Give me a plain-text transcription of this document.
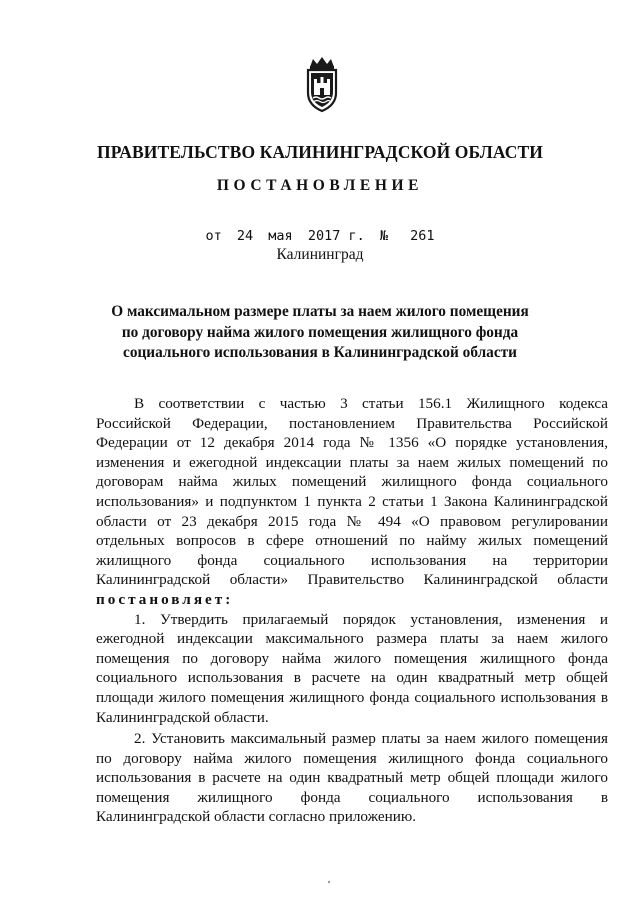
ПРАВИТЕЛЬСТВО КАЛИНИНГРАДСКОЙ ОБЛАСТИ
ПОСТАНОВЛЕНИЕ
от 24 мая 2017 г. № 261
Калининград
О максимальном размере платы за наем жилого помещения
по договору найма жилого помещения жилищного фонда
социального использования в Калининградской области
В соответствии с частью 3 статьи 156.1 Жилищного кодекса
Российской Федерации, постановлением Правительства Российской
Федерации от 12 декабря 2014 года № 1356 «О порядке установления,
изменения и ежегодной индексации платы за наем жилых помещений по
договорам найма жилых помещений жилищного фонда социального
использования» и подпунктом 1 пункта 2 статьи 1 Закона Калининградской
области от 23 декабря 2015 года № 494 «О правовом регулировании
отдельных вопросов в сфере отношений по найму жилых помещений
жилищного фонда социального использования на территории
Калининградской области» Правительство Калининградской области
постановляет:
1. Утвердить прилагаемый порядок установления, изменения и
ежегодной индексации максимального размера платы за наем жилого
помещения по договору найма жилого помещения жилищного фонда
социального использования в расчете на один квадратный метр общей
площади жилого помещения жилищного фонда социального использования в
Калининградской области.
2. Установить максимальный размер платы за наем жилого помещения
по договору найма жилого помещения жилищного фонда социального
использования в расчете на один квадратный метр общей площади жилого
помещения жилищного фонда социального использования в
Калининградской области согласно приложению.
